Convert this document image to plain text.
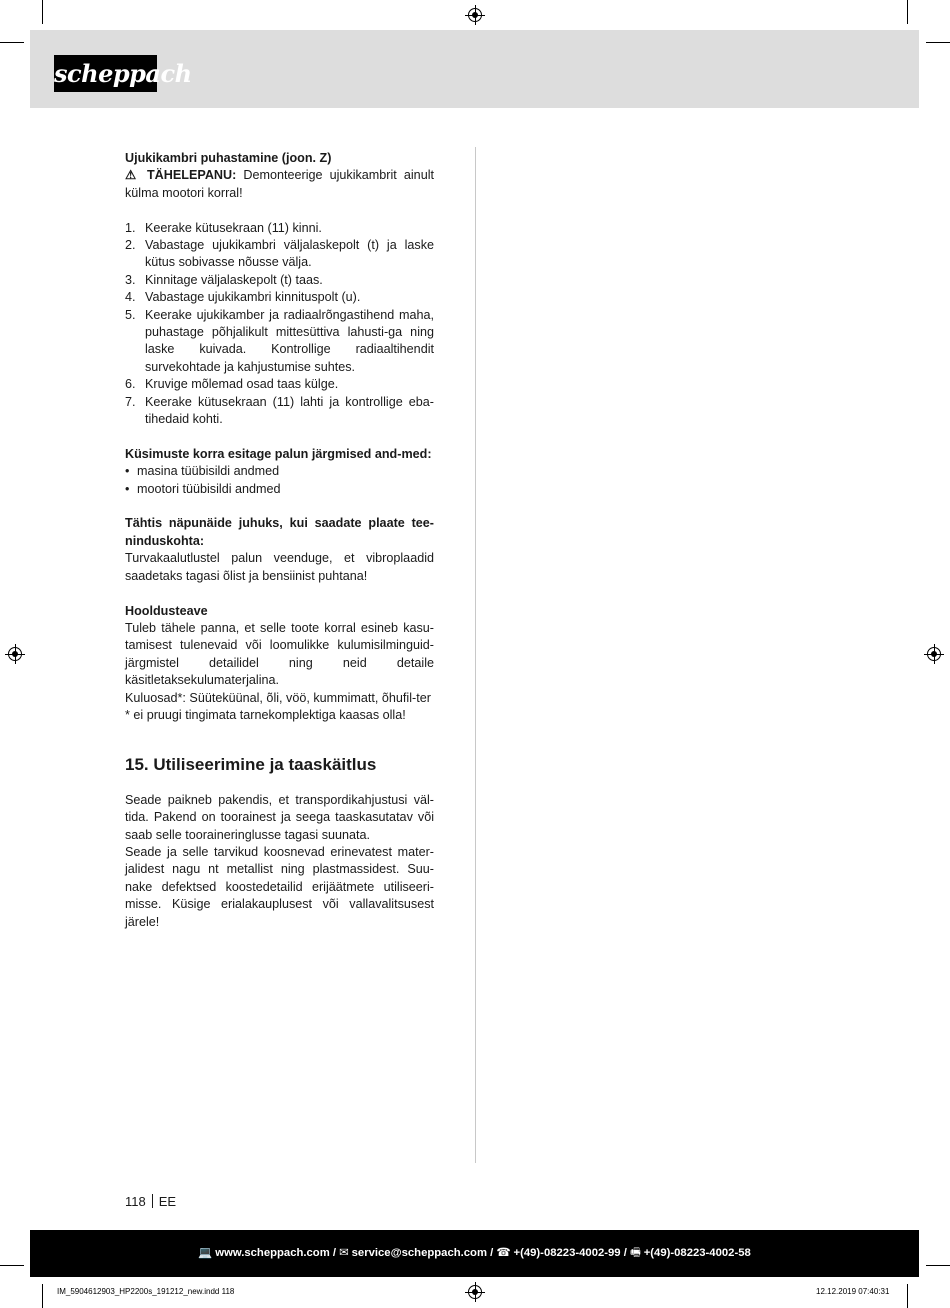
scheppach

Ujukikambri puhastamine (joon. Z)

⚠ TÄHELEPANU: Demonteerige ujukikambrit ainult külma mootori korral!

1. Keerake kütusekraan (11) kinni.
2. Vabastage ujukikambri väljalaskepolt (t) ja laske kütus sobivasse nõusse välja.
3. Kinnitage väljalaskepolt (t) taas.
4. Vabastage ujukikambri kinnituspolt (u).
5. Keerake ujukikamber ja radiaalrõngastihend maha, puhastage põhjalikult mittesüttiva lahusti-ga ning laske kuivada. Kontrollige radiaaltihendit survekohtade ja kahjustumise suhtes.
6. Kruvige mõlemad osad taas külge.
7. Keerake kütusekraan (11) lahti ja kontrollige eba-tihedaid kohti.

Küsimuste korra esitage palun järgmised and-med:

• masina tüübisildi andmed
• mootori tüübisildi andmed

Tähtis näpunäide juhuks, kui saadate plaate tee-ninduskohta:

Turvakaalutlustel palun veenduge, et vibroplaadid saadetaks tagasi õlist ja bensiinist puhtana!

Hooldusteave

Tuleb tähele panna, et selle toote korral esineb kasu-tamisest tulenevaid või loomulikke kulumisilminguid-järgmistel detailidel ning neid detaile käsitletaksekulumaterjalina.

Kuluosad*: Süüteküünal, õli, vöö, kummimatt, õhufil-ter

* ei pruugi tingimata tarnekomplektiga kaasas olla!

15. Utiliseerimine ja taaskäitlus

Seade paikneb pakendis, et transpordikahjustusi väl-tida. Pakend on toorainest ja seega taaskasutatav või saab selle tooraineringlusse tagasi suunata.

Seade ja selle tarvikud koosnevad erinevatest mater-jalidest nagu nt metallist ning plastmassidest. Suu-nake defektsed koostedetailid erijäätmete utiliseeri-misse. Küsige erialakauplusest või vallavalitsusest järele!

118 EE
💻 www.scheppach.com / ✉ service@scheppach.com / ☎ +(49)-08223-4002-99 / 🖷 +(49)-08223-4002-58
IM_5904612903_HP2200s_191212_new.indd 118	12.12.2019 07:40:31
